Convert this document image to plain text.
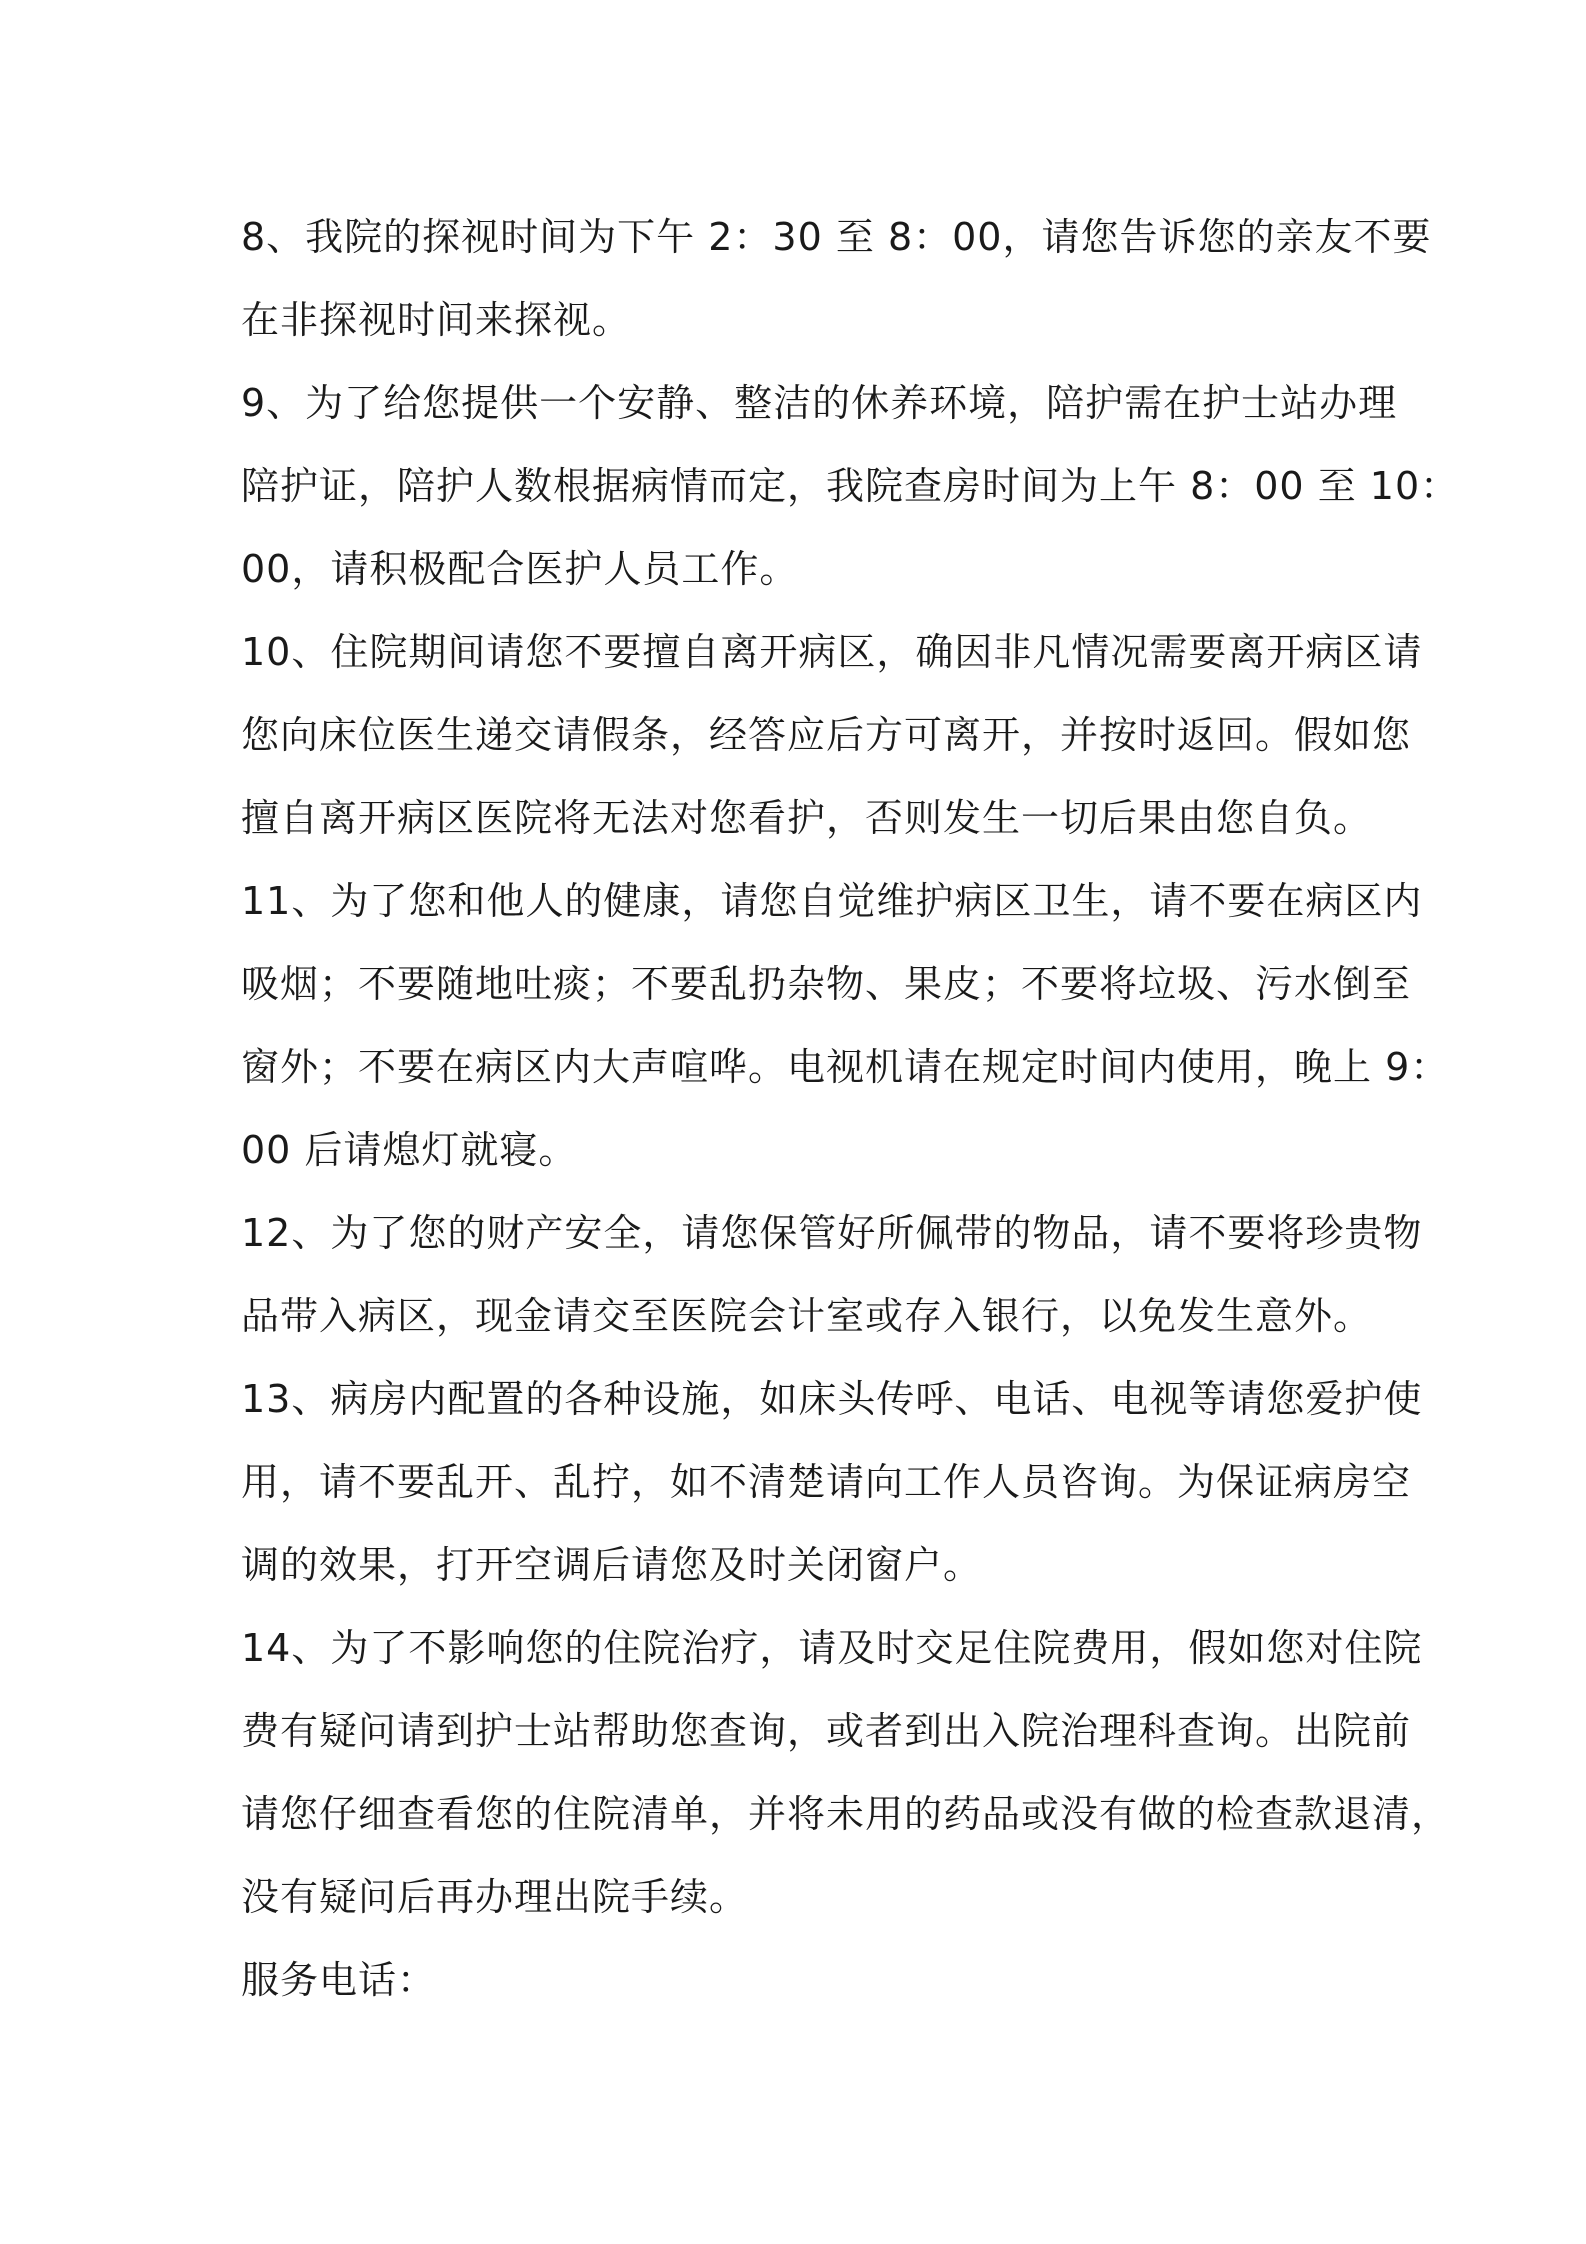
8、我院的探视时间为下午 2：30 至 8：00，请您告诉您的亲友不要
在非探视时间来探视。
9、为了给您提供一个安静、整洁的休养环境，陪护需在护士站办理
陪护证，陪护人数根据病情而定，我院查房时间为上午 8：00 至 10：
00，请积极配合医护人员工作。
10、住院期间请您不要擅自离开病区，确因非凡情况需要离开病区请
您向床位医生递交请假条，经答应后方可离开，并按时返回。假如您
擅自离开病区医院将无法对您看护，否则发生一切后果由您自负。
11、为了您和他人的健康，请您自觉维护病区卫生，请不要在病区内
吸烟；不要随地吐痰；不要乱扔杂物、果皮；不要将垃圾、污水倒至
窗外；不要在病区内大声喧哗。电视机请在规定时间内使用，晚上 9：
00 后请熄灯就寝。
12、为了您的财产安全，请您保管好所佩带的物品，请不要将珍贵物
品带入病区，现金请交至医院会计室或存入银行，以免发生意外。
13、病房内配置的各种设施，如床头传呼、电话、电视等请您爱护使
用，请不要乱开、乱拧，如不清楚请向工作人员咨询。为保证病房空
调的效果，打开空调后请您及时关闭窗户。
14、为了不影响您的住院治疗，请及时交足住院费用，假如您对住院
费有疑问请到护士站帮助您查询，或者到出入院治理科查询。出院前
请您仔细查看您的住院清单，并将未用的药品或没有做的检查款退清，
没有疑问后再办理出院手续。
服务电话：
